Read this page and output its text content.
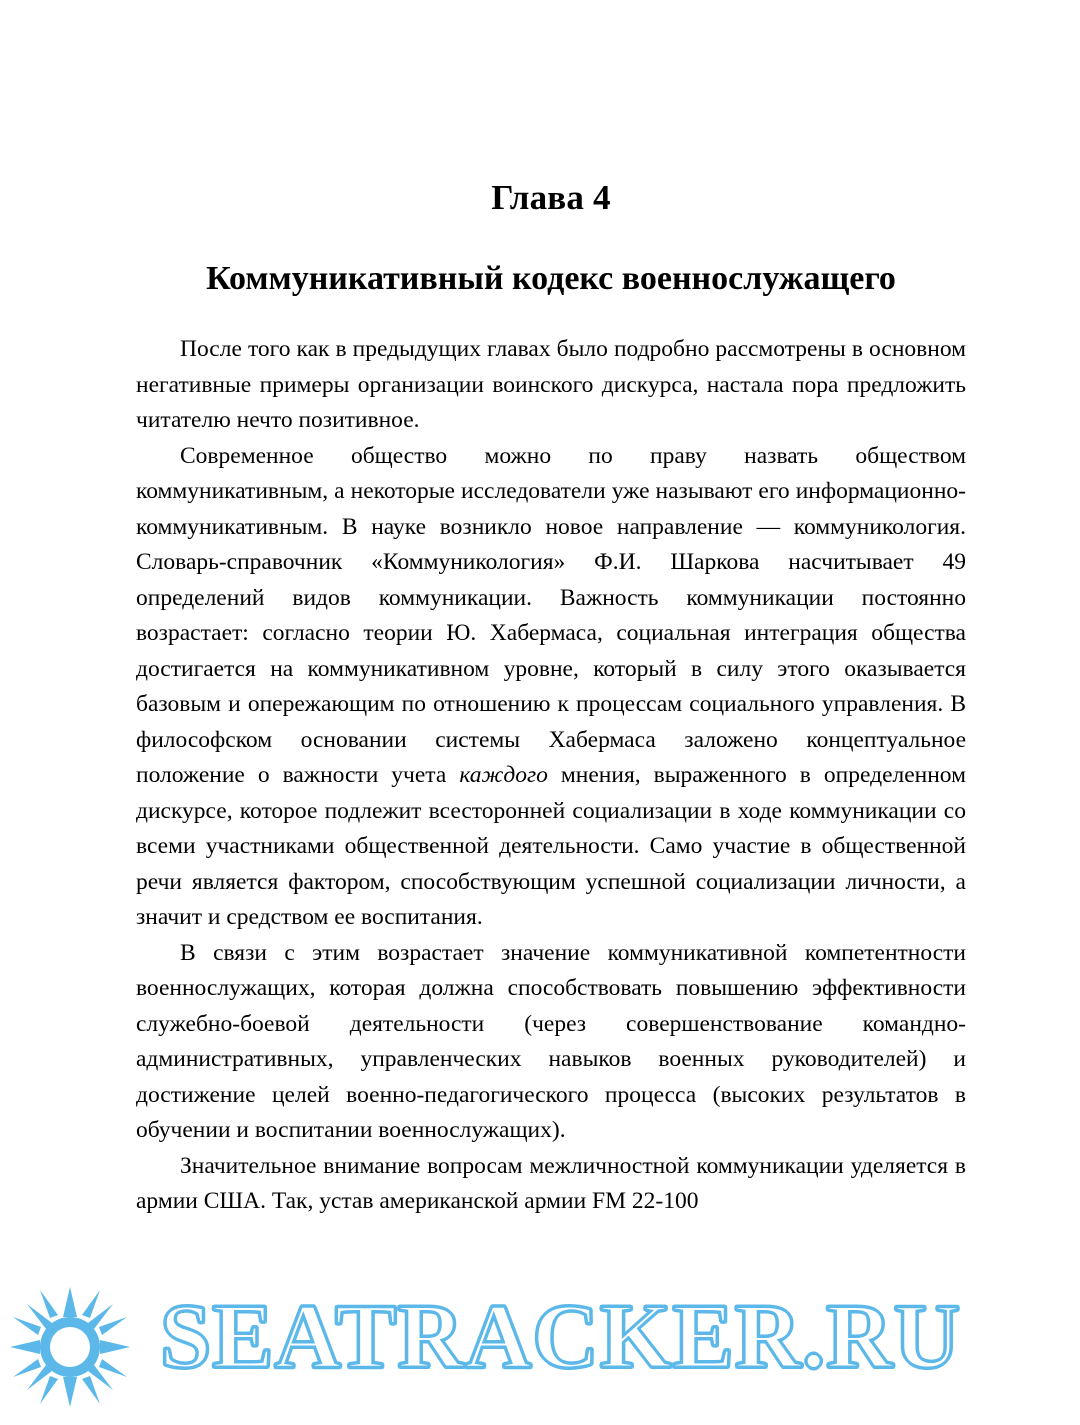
Глава 4
Коммуникативный кодекс военнослужащего

После того как в предыдущих главах было подробно рассмотрены в основном негативные примеры организации воинского дискурса, настала пора предложить читателю нечто позитивное.

Современное общество можно по праву назвать обществом коммуникативным, а некоторые исследователи уже называют его информационно-коммуникативным. В науке возникло новое направление — коммуникология. Словарь-справочник «Коммуникология» Ф.И. Шаркова насчитывает 49 определений видов коммуникации. Важность коммуникации постоянно возрастает: согласно теории Ю. Хабермаса, социальная интеграция общества достигается на коммуникативном уровне, который в силу этого оказывается базовым и опережающим по отношению к процессам социального управления. В философском основании системы Хабермаса заложено концептуальное положение о важности учета каждого мнения, выраженного в определенном дискурсе, которое подлежит всесторонней социализации в ходе коммуникации со всеми участниками общественной деятельности. Само участие в общественной речи является фактором, способствующим успешной социализации личности, а значит и средством ее воспитания.

В связи с этим возрастает значение коммуникативной компетентности военнослужащих, которая должна способствовать повышению эффективности служебно-боевой деятельности (через совершенствование командно-административных, управленческих навыков военных руководителей) и достижение целей военно-педагогического процесса (высоких результатов в обучении и воспитании военнослужащих).

Значительное внимание вопросам межличностной коммуникации уделяется в армии США. Так, устав американской армии FM 22-100

SEATRACKER.RU
